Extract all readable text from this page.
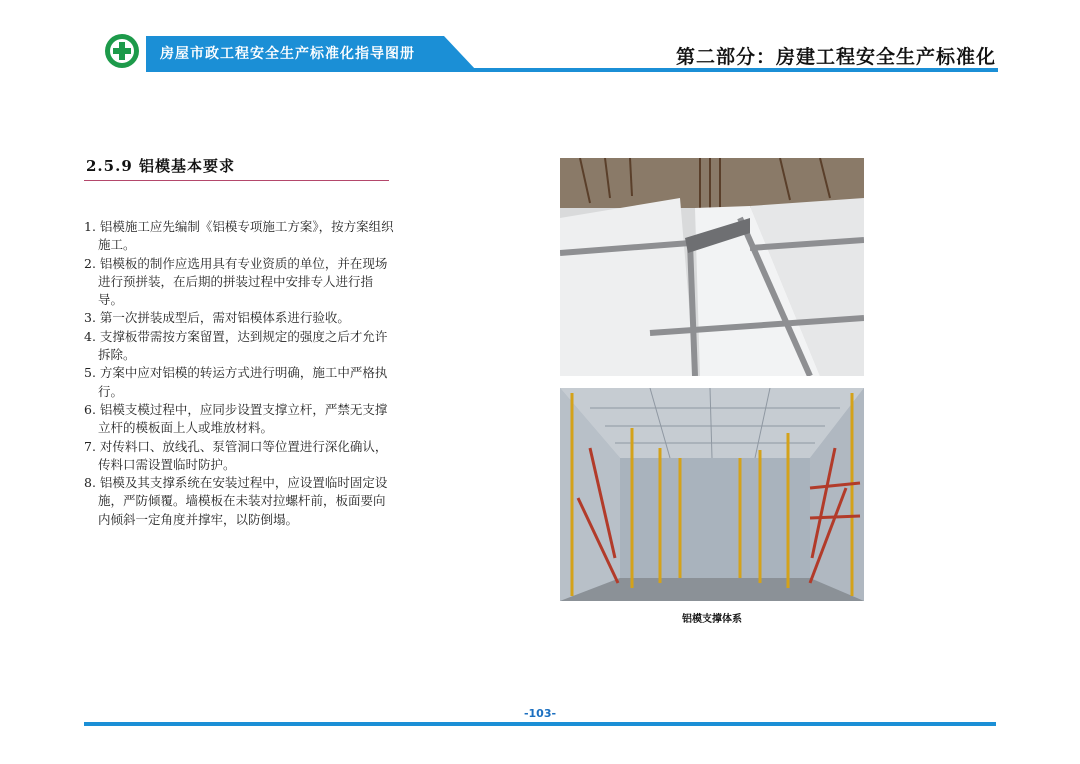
房屋市政工程安全生产标准化指导图册	第二部分：房建工程安全生产标准化
2.5.9 铝模基本要求
1. 铝模施工应先编制《铝模专项施工方案》，按方案组织施工。
2. 铝模板的制作应选用具有专业资质的单位，并在现场进行预拼装，在后期的拼装过程中安排专人进行指导。
3. 第一次拼装成型后，需对铝模体系进行验收。
4. 支撑板带需按方案留置，达到规定的强度之后才允许拆除。
5. 方案中应对铝模的转运方式进行明确，施工中严格执行。
6. 铝模支模过程中，应同步设置支撑立杆，严禁无支撑立杆的模板面上人或堆放材料。
7. 对传料口、放线孔、泵管洞口等位置进行深化确认，传料口需设置临时防护。
8. 铝模及其支撑系统在安装过程中，应设置临时固定设施，严防倾覆。墙模板在未装对拉螺杆前，板面要向内倾斜一定角度并撑牢，以防倒塌。
铝模支撑体系
-103-
